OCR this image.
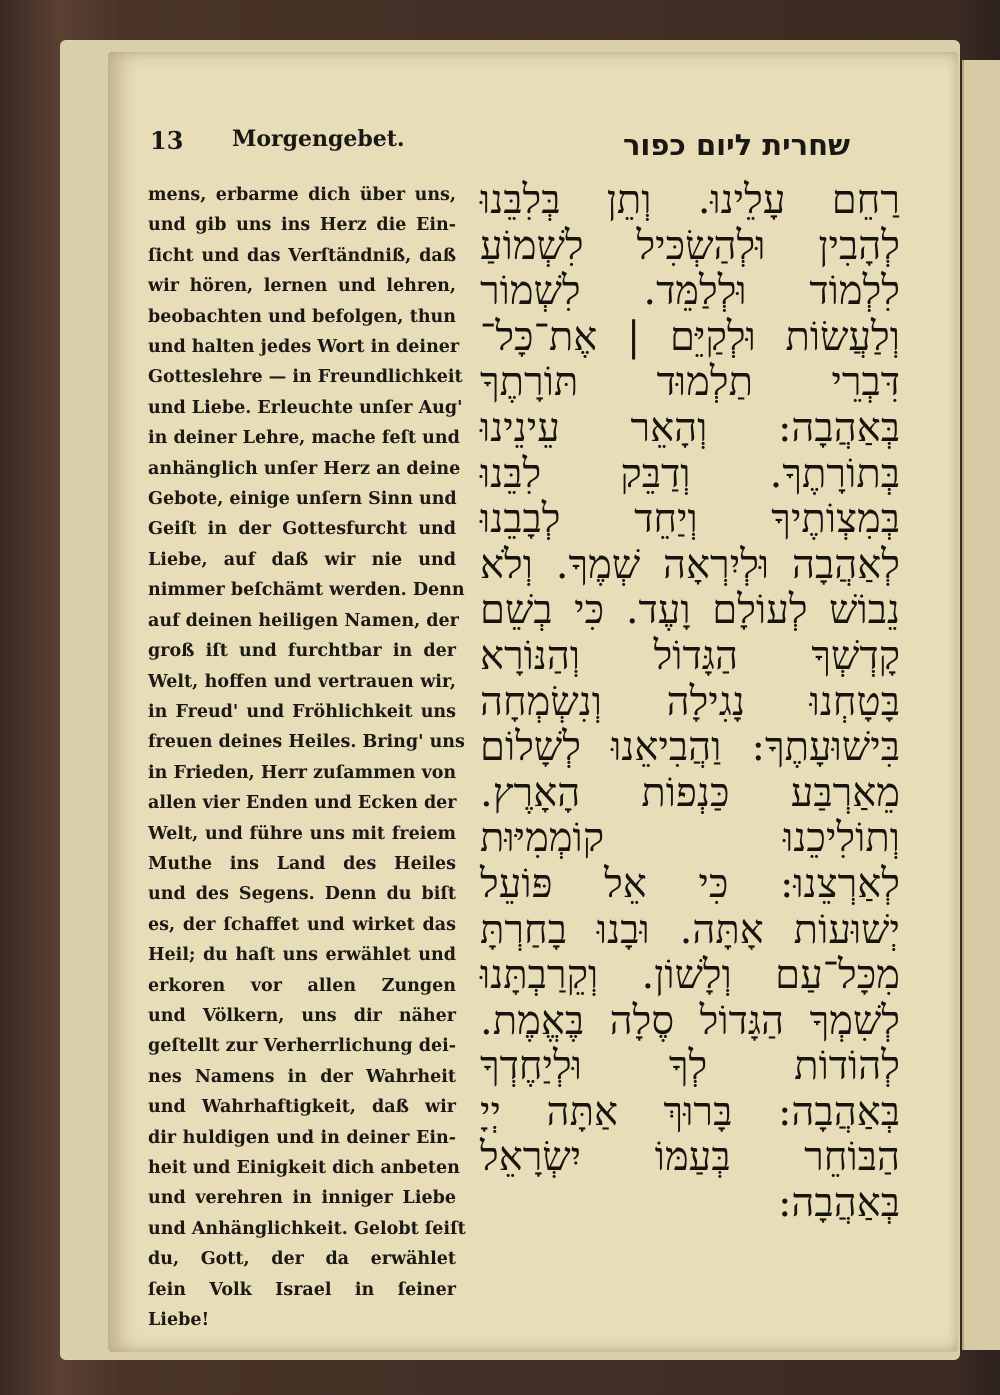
13 Morgengebet.	שחרית ליום כפור
mens, erbarme dich über uns,
und gib uns ins Herz die Ein-
ſicht und das Verſtändniß, daß
wir hören, lernen und lehren,
beobachten und befolgen, thun
und halten jedes Wort in deiner
Gotteslehre — in Freundlichkeit
und Liebe. Erleuchte unſer Aug'
in deiner Lehre, mache feſt und
anhänglich unſer Herz an deine
Gebote, einige unſern Sinn und
Geiſt in der Gottesfurcht und
Liebe, auf daß wir nie und
nimmer beſchämt werden. Denn
auf deinen heiligen Namen, der
groß iſt und furchtbar in der
Welt, hoffen und vertrauen wir,
in Freud' und Fröhlichkeit uns
freuen deines Heiles. Bring' uns
in Frieden, Herr zuſammen von
allen vier Enden und Ecken der
Welt, und führe uns mit freiem
Muthe ins Land des Heiles
und des Segens. Denn du biſt
es, der ſchaffet und wirket das
Heil; du haſt uns erwählet und
erkoren vor allen Zungen
und Völkern, uns dir näher
geſtellt zur Verherrlichung dei-
nes Namens in der Wahrheit
und Wahrhaftigkeit, daß wir
dir huldigen und in deiner Ein-
heit und Einigkeit dich anbeten
und verehren in inniger Liebe
und Anhänglichkeit. Gelobt ſeiſt
du, Gott, der da erwählet
ſein Volk Israel in ſeiner
Liebe!
רַחֵם עָלֵינוּ. וְתֵן בְּלִבֵּנוּ
לְהָבִין וּלְהַשְׂכִּיל לִשְׁמוֹעַ
לִלְמוֹד וּלְלַמֵּד. לִשְׁמוֹר
וְלַעֲשׂוֹת וּלְקַיֵּם | אֶת־כָּל־
דִּבְרֵי תַלְמוּד תּוֹרָתֶךָ
בְּאַהֲבָה: וְהָאֵר עֵינֵינוּ
בְּתוֹרָתֶךָ. וְדַבֵּק לִבֵּנוּ
בְּמִצְוֹתֶיךָ וְיַחֵד לְבָבֵנוּ
לְאַהֲבָה וּלְיִרְאָה שְׁמֶךָ. וְלֹא
נֵבוֹשׁ לְעוֹלָם וָעֶד. כִּי בְשֵׁם
קָדְשְׁךָ הַגָּדוֹל וְהַנּוֹרָא
בָּטָחְנוּ נָגִילָה וְנִשְׂמְחָה
בִּישׁוּעָתֶךָ: וַהֲבִיאֵנוּ לְשָׁלוֹם
מֵאַרְבַּע כַּנְפוֹת הָאָרֶץ.
וְתוֹלִיכֵנוּ קוֹמְמִיּוּת
לְאַרְצֵנוּ: כִּי אֵל פּוֹעֵל
יְשׁוּעוֹת אָתָּה. וּבָנוּ בָחַרְתָּ
מִכָּל־עַם וְלָשׁוֹן. וְקֵרַבְתָּנוּ
לְשִׁמְךָ הַגָּדוֹל סֶלָה בֶּאֱמֶת.
לְהוֹדוֹת לְךָ וּלְיַחֶדְךָ
בְּאַהֲבָה: בָּרוּךְ אַתָּה יְיָ
הַבּוֹחֵר בְּעַמּוֹ יִשְׂרָאֵל
בְּאַהֲבָה:
